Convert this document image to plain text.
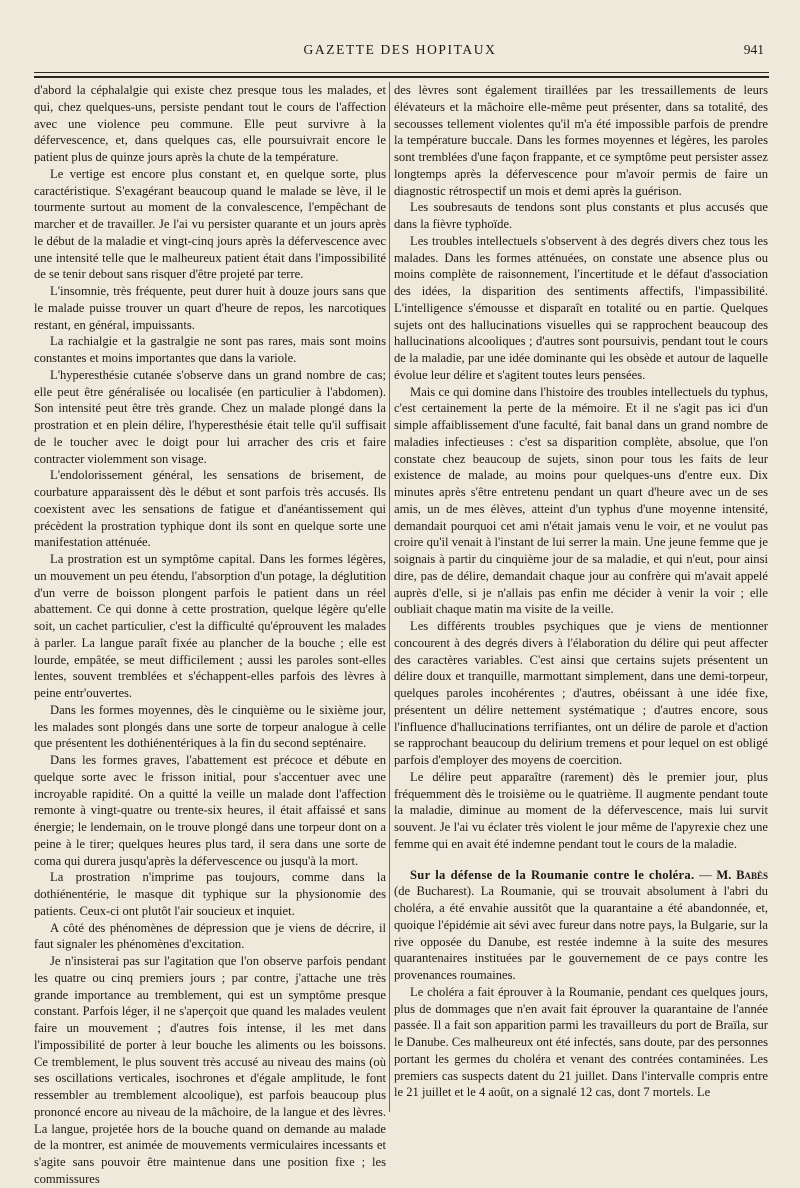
GAZETTE DES HOPITAUX	941

d'abord la céphalalgie qui existe chez presque tous les malades, et qui, chez quelques-uns, persiste pendant tout le cours de l'affection avec une violence peu commune. Elle peut survivre à la défervescence, et, dans quelques cas, elle poursuivrait encore le patient plus de quinze jours après la chute de la température.

Le vertige est encore plus constant et, en quelque sorte, plus caractéristique. S'exagérant beaucoup quand le malade se lève, il le tourmente surtout au moment de la convalescence, l'empêchant de marcher et de travailler. Je l'ai vu persister quarante et un jours après le début de la maladie et vingt-cinq jours après la défervescence avec une intensité telle que le malheureux patient était dans l'impossibilité de se tenir debout sans risquer d'être projeté par terre.

L'insomnie, très fréquente, peut durer huit à douze jours sans que le malade puisse trouver un quart d'heure de repos, les narcotiques restant, en général, impuissants.

La rachialgie et la gastralgie ne sont pas rares, mais sont moins constantes et moins importantes que dans la variole.

L'hyperesthésie cutanée s'observe dans un grand nombre de cas; elle peut être généralisée ou localisée (en particulier à l'abdomen). Son intensité peut être très grande. Chez un malade plongé dans la prostration et en plein délire, l'hyperesthésie était telle qu'il suffisait de le toucher avec le doigt pour lui arracher des cris et faire contracter violemment son visage.

L'endolorissement général, les sensations de brisement, de courbature apparaissent dès le début et sont parfois très accusés. Ils coexistent avec les sensations de fatigue et d'anéantissement qui précèdent la prostration typhique dont ils sont en quelque sorte une manifestation atténuée.

La prostration est un symptôme capital. Dans les formes légères, un mouvement un peu étendu, l'absorption d'un potage, la déglutition d'un verre de boisson plongent parfois le patient dans un réel abattement. Ce qui donne à cette prostration, quelque légère qu'elle soit, un cachet particulier, c'est la difficulté qu'éprouvent les malades à parler. La langue paraît fixée au plancher de la bouche ; elle est lourde, empâtée, se meut difficilement ; aussi les paroles sont-elles lentes, souvent tremblées et s'échappent-elles parfois des lèvres à peine entr'ouvertes.

Dans les formes moyennes, dès le cinquième ou le sixième jour, les malades sont plongés dans une sorte de torpeur analogue à celle que présentent les dothiénentériques à la fin du second septénaire.

Dans les formes graves, l'abattement est précoce et débute en quelque sorte avec le frisson initial, pour s'accentuer avec une incroyable rapidité. On a quitté la veille un malade dont l'affection remonte à vingt-quatre ou trente-six heures, il était affaissé et sans énergie; le lendemain, on le trouve plongé dans une torpeur dont on a peine à le tirer; quelques heures plus tard, il sera dans une sorte de coma qui durera jusqu'après la défervescence ou jusqu'à la mort.

La prostration n'imprime pas toujours, comme dans la dothiénentérie, le masque dit typhique sur la physionomie des patients. Ceux-ci ont plutôt l'air soucieux et inquiet.

A côté des phénomènes de dépression que je viens de décrire, il faut signaler les phénomènes d'excitation.

Je n'insisterai pas sur l'agitation que l'on observe parfois pendant les quatre ou cinq premiers jours ; par contre, j'attache une très grande importance au tremblement, qui est un symptôme presque constant. Parfois léger, il ne s'aperçoit que quand les malades veulent faire un mouvement ; d'autres fois intense, il les met dans l'impossibilité de porter à leur bouche les aliments ou les boissons. Ce tremblement, le plus souvent très accusé au niveau des mains (où ses oscillations verticales, isochrones et d'égale amplitude, le font ressembler au tremblement alcoolique), est parfois beaucoup plus prononcé encore au niveau de la mâchoire, de la langue et des lèvres. La langue, projetée hors de la bouche quand on demande au malade de la montrer, est animée de mouvements vermiculaires incessants et s'agite sans pouvoir être maintenue dans une position fixe ; les commissures

des lèvres sont également tiraillées par les tressaillements de leurs élévateurs et la mâchoire elle-même peut présenter, dans sa totalité, des secousses tellement violentes qu'il m'a été impossible parfois de prendre la température buccale. Dans les formes moyennes et légères, les paroles sont tremblées d'une façon frappante, et ce symptôme peut persister assez longtemps après la défervescence pour m'avoir permis de faire un diagnostic rétrospectif un mois et demi après la guérison.

Les soubresauts de tendons sont plus constants et plus accusés que dans la fièvre typhoïde.

Les troubles intellectuels s'observent à des degrés divers chez tous les malades. Dans les formes atténuées, on constate une absence plus ou moins complète de raisonnement, l'incertitude et le défaut d'association des idées, la disparition des sentiments affectifs, l'impassibilité. L'intelligence s'émousse et disparaît en totalité ou en partie. Quelques sujets ont des hallucinations visuelles qui se rapprochent beaucoup des hallucinations alcooliques ; d'autres sont poursuivis, pendant tout le cours de la maladie, par une idée dominante qui les obsède et autour de laquelle évolue leur délire et s'agitent toutes leurs pensées.

Mais ce qui domine dans l'histoire des troubles intellectuels du typhus, c'est certainement la perte de la mémoire. Et il ne s'agit pas ici d'un simple affaiblissement d'une faculté, fait banal dans un grand nombre de maladies infectieuses : c'est sa disparition complète, absolue, que l'on constate chez beaucoup de sujets, sinon pour tous les faits de leur existence de malade, au moins pour quelques-uns d'entre eux. Dix minutes après s'être entretenu pendant un quart d'heure avec un de ses amis, un de mes élèves, atteint d'un typhus d'une moyenne intensité, demandait pourquoi cet ami n'était jamais venu le voir, et ne voulut pas croire qu'il venait à l'instant de lui serrer la main. Une jeune femme que je soignais à partir du cinquième jour de sa maladie, et qui n'eut, pour ainsi dire, pas de délire, demandait chaque jour au confrère qui m'avait appelé auprès d'elle, si je n'allais pas enfin me décider à venir la voir ; elle oubliait chaque matin ma visite de la veille.

Les différents troubles psychiques que je viens de mentionner concourent à des degrés divers à l'élaboration du délire qui peut affecter des caractères variables. C'est ainsi que certains sujets présentent un délire doux et tranquille, marmottant simplement, dans une demi-torpeur, quelques paroles incohérentes ; d'autres, obéissant à une idée fixe, présentent un délire nettement systématique ; d'autres encore, sous l'influence d'hallucinations terrifiantes, ont un délire de parole et d'action se rapprochant beaucoup du delirium tremens et pour lequel on est obligé parfois d'employer des moyens de coercition.

Le délire peut apparaître (rarement) dès le premier jour, plus fréquemment dès le troisième ou le quatrième. Il augmente pendant toute la maladie, diminue au moment de la défervescence, mais lui survit souvent. Je l'ai vu éclater très violent le jour même de l'apyrexie chez une femme qui en avait été indemne pendant tout le cours de la maladie.

Sur la défense de la Roumanie contre le choléra. — M. Babès (de Bucharest). La Roumanie, qui se trouvait absolument à l'abri du choléra, a été envahie aussitôt que la quarantaine a été abandonnée, et, quoique l'épidémie ait sévi avec fureur dans notre pays, la Bulgarie, sur la rive opposée du Danube, est restée indemne à la suite des mesures quarantenaires instituées par le gouvernement de ce pays contre les provenances roumaines.

Le choléra a fait éprouver à la Roumanie, pendant ces quelques jours, plus de dommages que n'en avait fait éprouver la quarantaine de l'année passée. Il a fait son apparition parmi les travailleurs du port de Braïla, sur le Danube. Ces malheureux ont été infectés, sans doute, par des personnes portant les germes du choléra et venant des contrées contaminées. Les premiers cas suspects datent du 21 juillet. Dans l'intervalle compris entre le 21 juillet et le 4 août, on a signalé 12 cas, dont 7 mortels. Le
